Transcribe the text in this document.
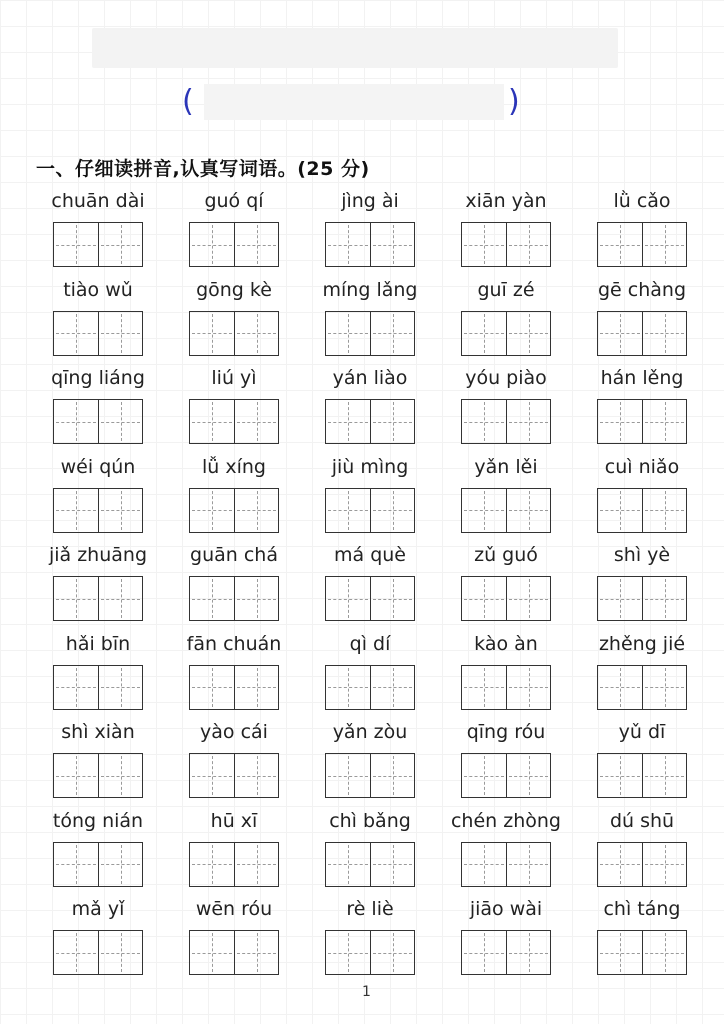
(	)
一、仔细读拼音,认真写词语。(25 分)
chuān dài	guó qí	jìng ài	xiān yàn	lǜ cǎo
tiào wǔ	gōng kè	míng lǎng	guī zé	gē chàng
qīng liáng	liú yì	yán liào	yóu piào	hán lěng
wéi qún	lǚ xíng	jiù mìng	yǎn lěi	cuì niǎo
jiǎ zhuāng	guān chá	má què	zǔ guó	shì yè
hǎi bīn	fān chuán	qì dí	kào àn	zhěng jié
shì xiàn	yào cái	yǎn zòu	qīng róu	yǔ dī
tóng nián	hū xī	chì bǎng	chén zhòng	dú shū
mǎ yǐ	wēn róu	rè liè	jiāo wài	chì táng
1
